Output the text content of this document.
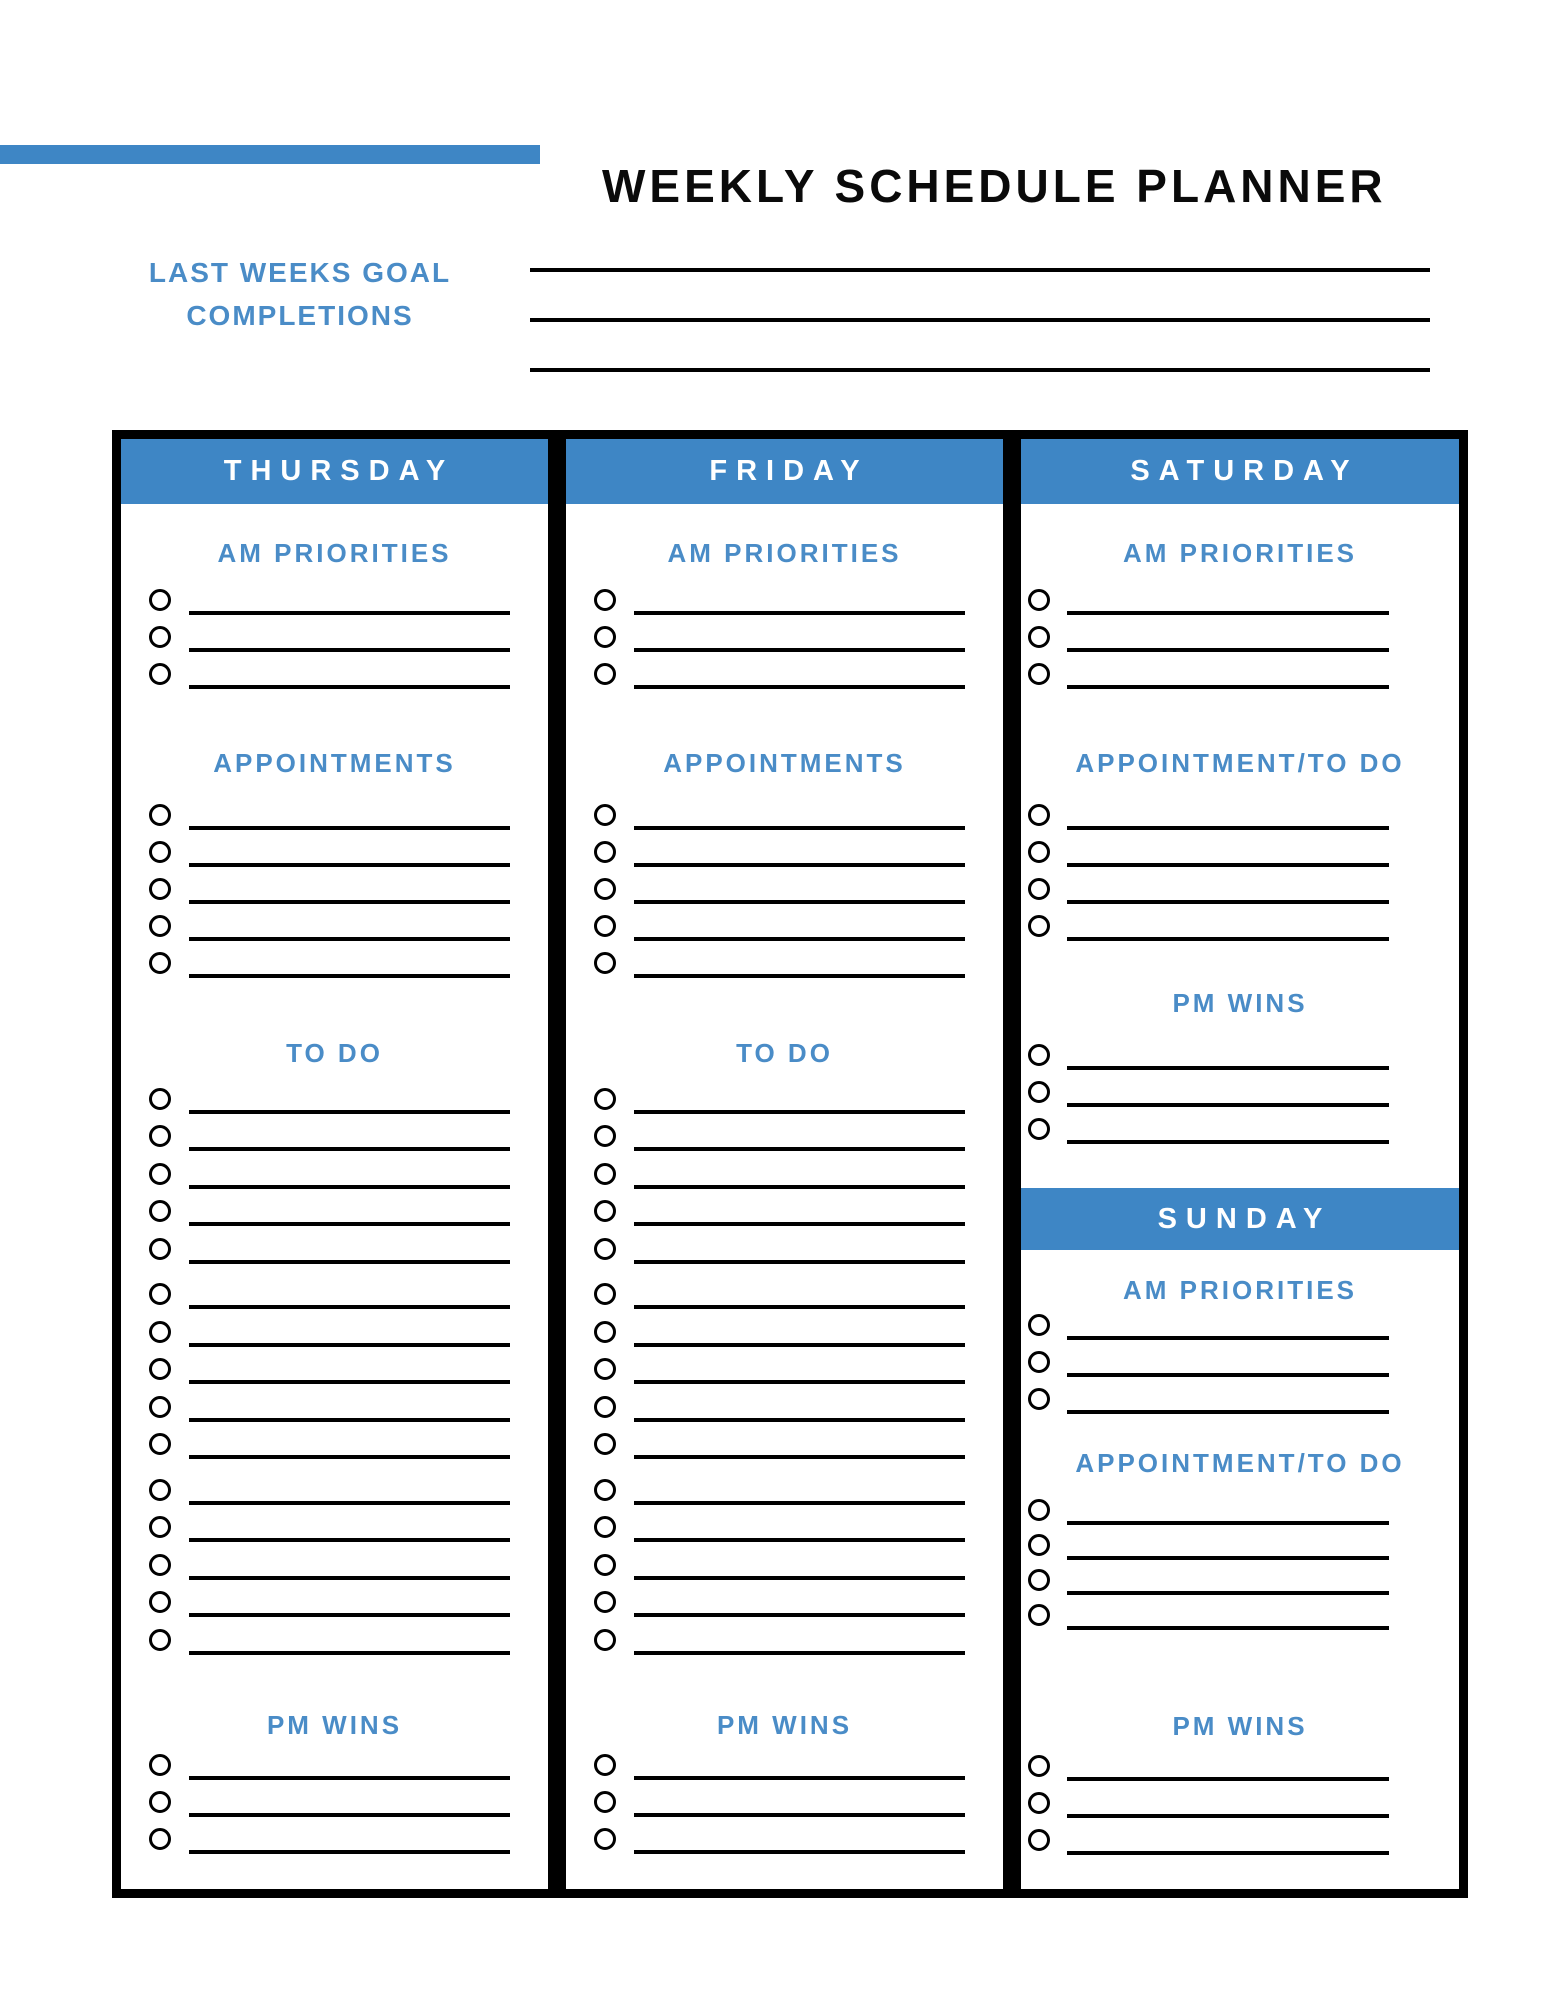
WEEKLY SCHEDULE PLANNER
LAST WEEKS GOAL
COMPLETIONS
THURSDAY
AM PRIORITIES
APPOINTMENTS
TO DO
PM WINS
FRIDAY
AM PRIORITIES
APPOINTMENTS
TO DO
PM WINS
SATURDAY
AM PRIORITIES
APPOINTMENT/TO DO
PM WINS
SUNDAY
AM PRIORITIES
APPOINTMENT/TO DO
PM WINS
